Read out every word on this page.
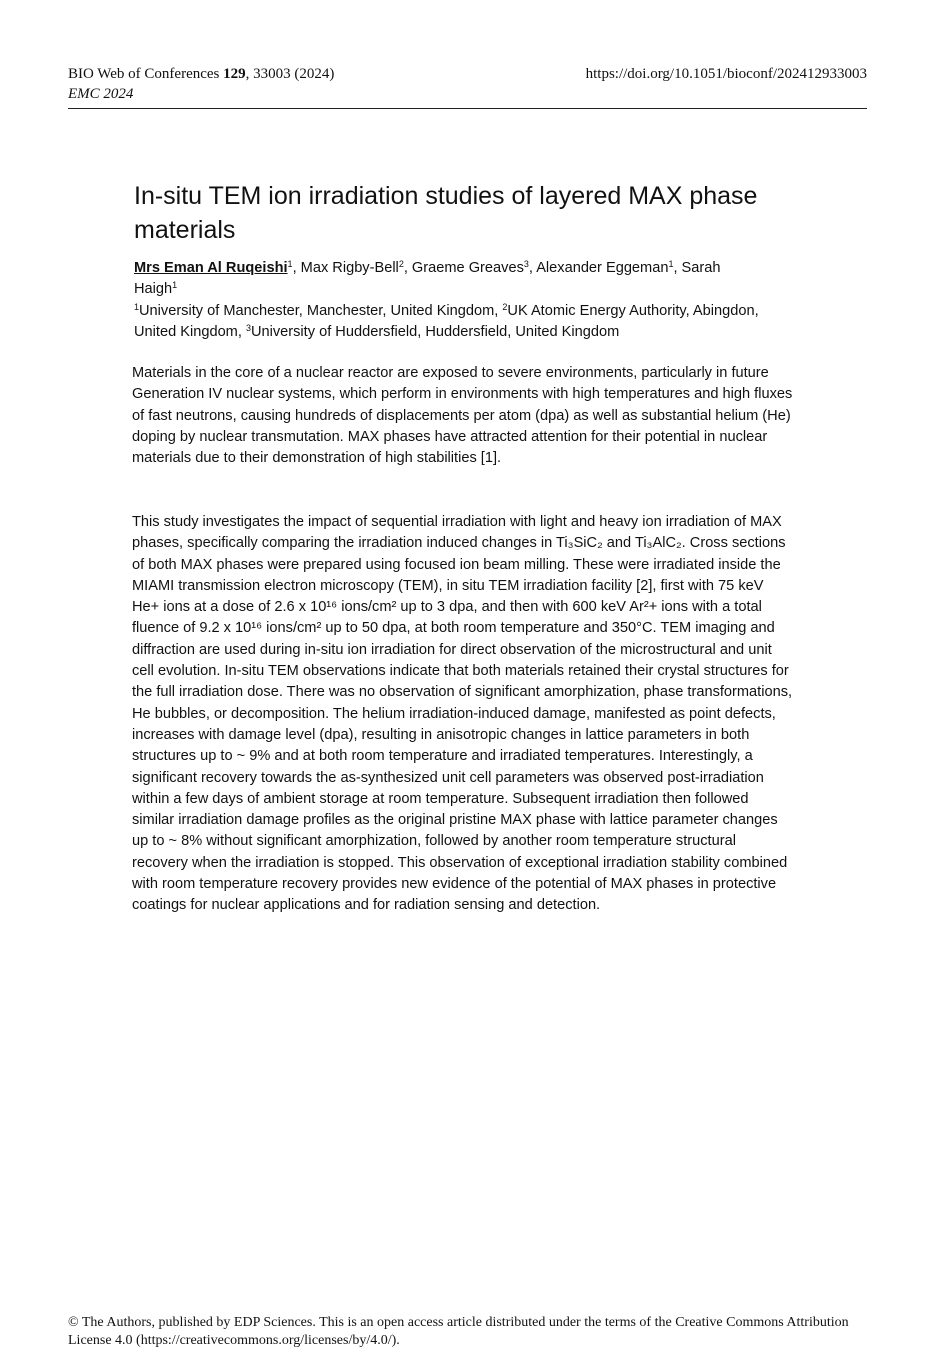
BIO Web of Conferences 129, 33003 (2024)	https://doi.org/10.1051/bioconf/202412933003
EMC 2024
In-situ TEM ion irradiation studies of layered MAX phase materials
Mrs Eman Al Ruqeishi$^1$, Max Rigby-Bell$^2$, Graeme Greaves$^3$, Alexander Eggeman$^1$, Sarah Haigh$^1$
$^1$University of Manchester, Manchester, United Kingdom, $^2$UK Atomic Energy Authority, Abingdon, United Kingdom, $^3$University of Huddersfield, Huddersfield, United Kingdom

Materials in the core of a nuclear reactor are exposed to severe environments, particularly in future Generation IV nuclear systems, which perform in environments with high temperatures and high fluxes of fast neutrons, causing hundreds of displacements per atom (dpa) as well as substantial helium (He) doping by nuclear transmutation. MAX phases have attracted attention for their potential in nuclear materials due to their demonstration of high stabilities [1].

This study investigates the impact of sequential irradiation with light and heavy ion irradiation of MAX phases, specifically comparing the irradiation induced changes in Ti₃SiC₂ and Ti₃AlC₂. Cross sections of both MAX phases were prepared using focused ion beam milling. These were irradiated inside the MIAMI transmission electron microscopy (TEM), in situ TEM irradiation facility [2], first with 75 keV He+ ions at a dose of 2.6 x 10¹⁶ ions/cm² up to 3 dpa, and then with 600 keV Ar²+ ions with a total fluence of 9.2 x 10¹⁶ ions/cm² up to 50 dpa, at both room temperature and 350°C. TEM imaging and diffraction are used during in-situ ion irradiation for direct observation of the microstructural and unit cell evolution. In-situ TEM observations indicate that both materials retained their crystal structures for the full irradiation dose. There was no observation of significant amorphization, phase transformations, He bubbles, or decomposition. The helium irradiation-induced damage, manifested as point defects, increases with damage level (dpa), resulting in anisotropic changes in lattice parameters in both structures up to ~ 9% and at both room temperature and irradiated temperatures. Interestingly, a significant recovery towards the as-synthesized unit cell parameters was observed post-irradiation within a few days of ambient storage at room temperature. Subsequent irradiation then followed similar irradiation damage profiles as the original pristine MAX phase with lattice parameter changes up to ~ 8% without significant amorphization, followed by another room temperature structural recovery when the irradiation is stopped. This observation of exceptional irradiation stability combined with room temperature recovery provides new evidence of the potential of MAX phases in protective coatings for nuclear applications and for radiation sensing and detection.

© The Authors, published by EDP Sciences. This is an open access article distributed under the terms of the Creative Commons Attribution License 4.0 (https://creativecommons.org/licenses/by/4.0/).
